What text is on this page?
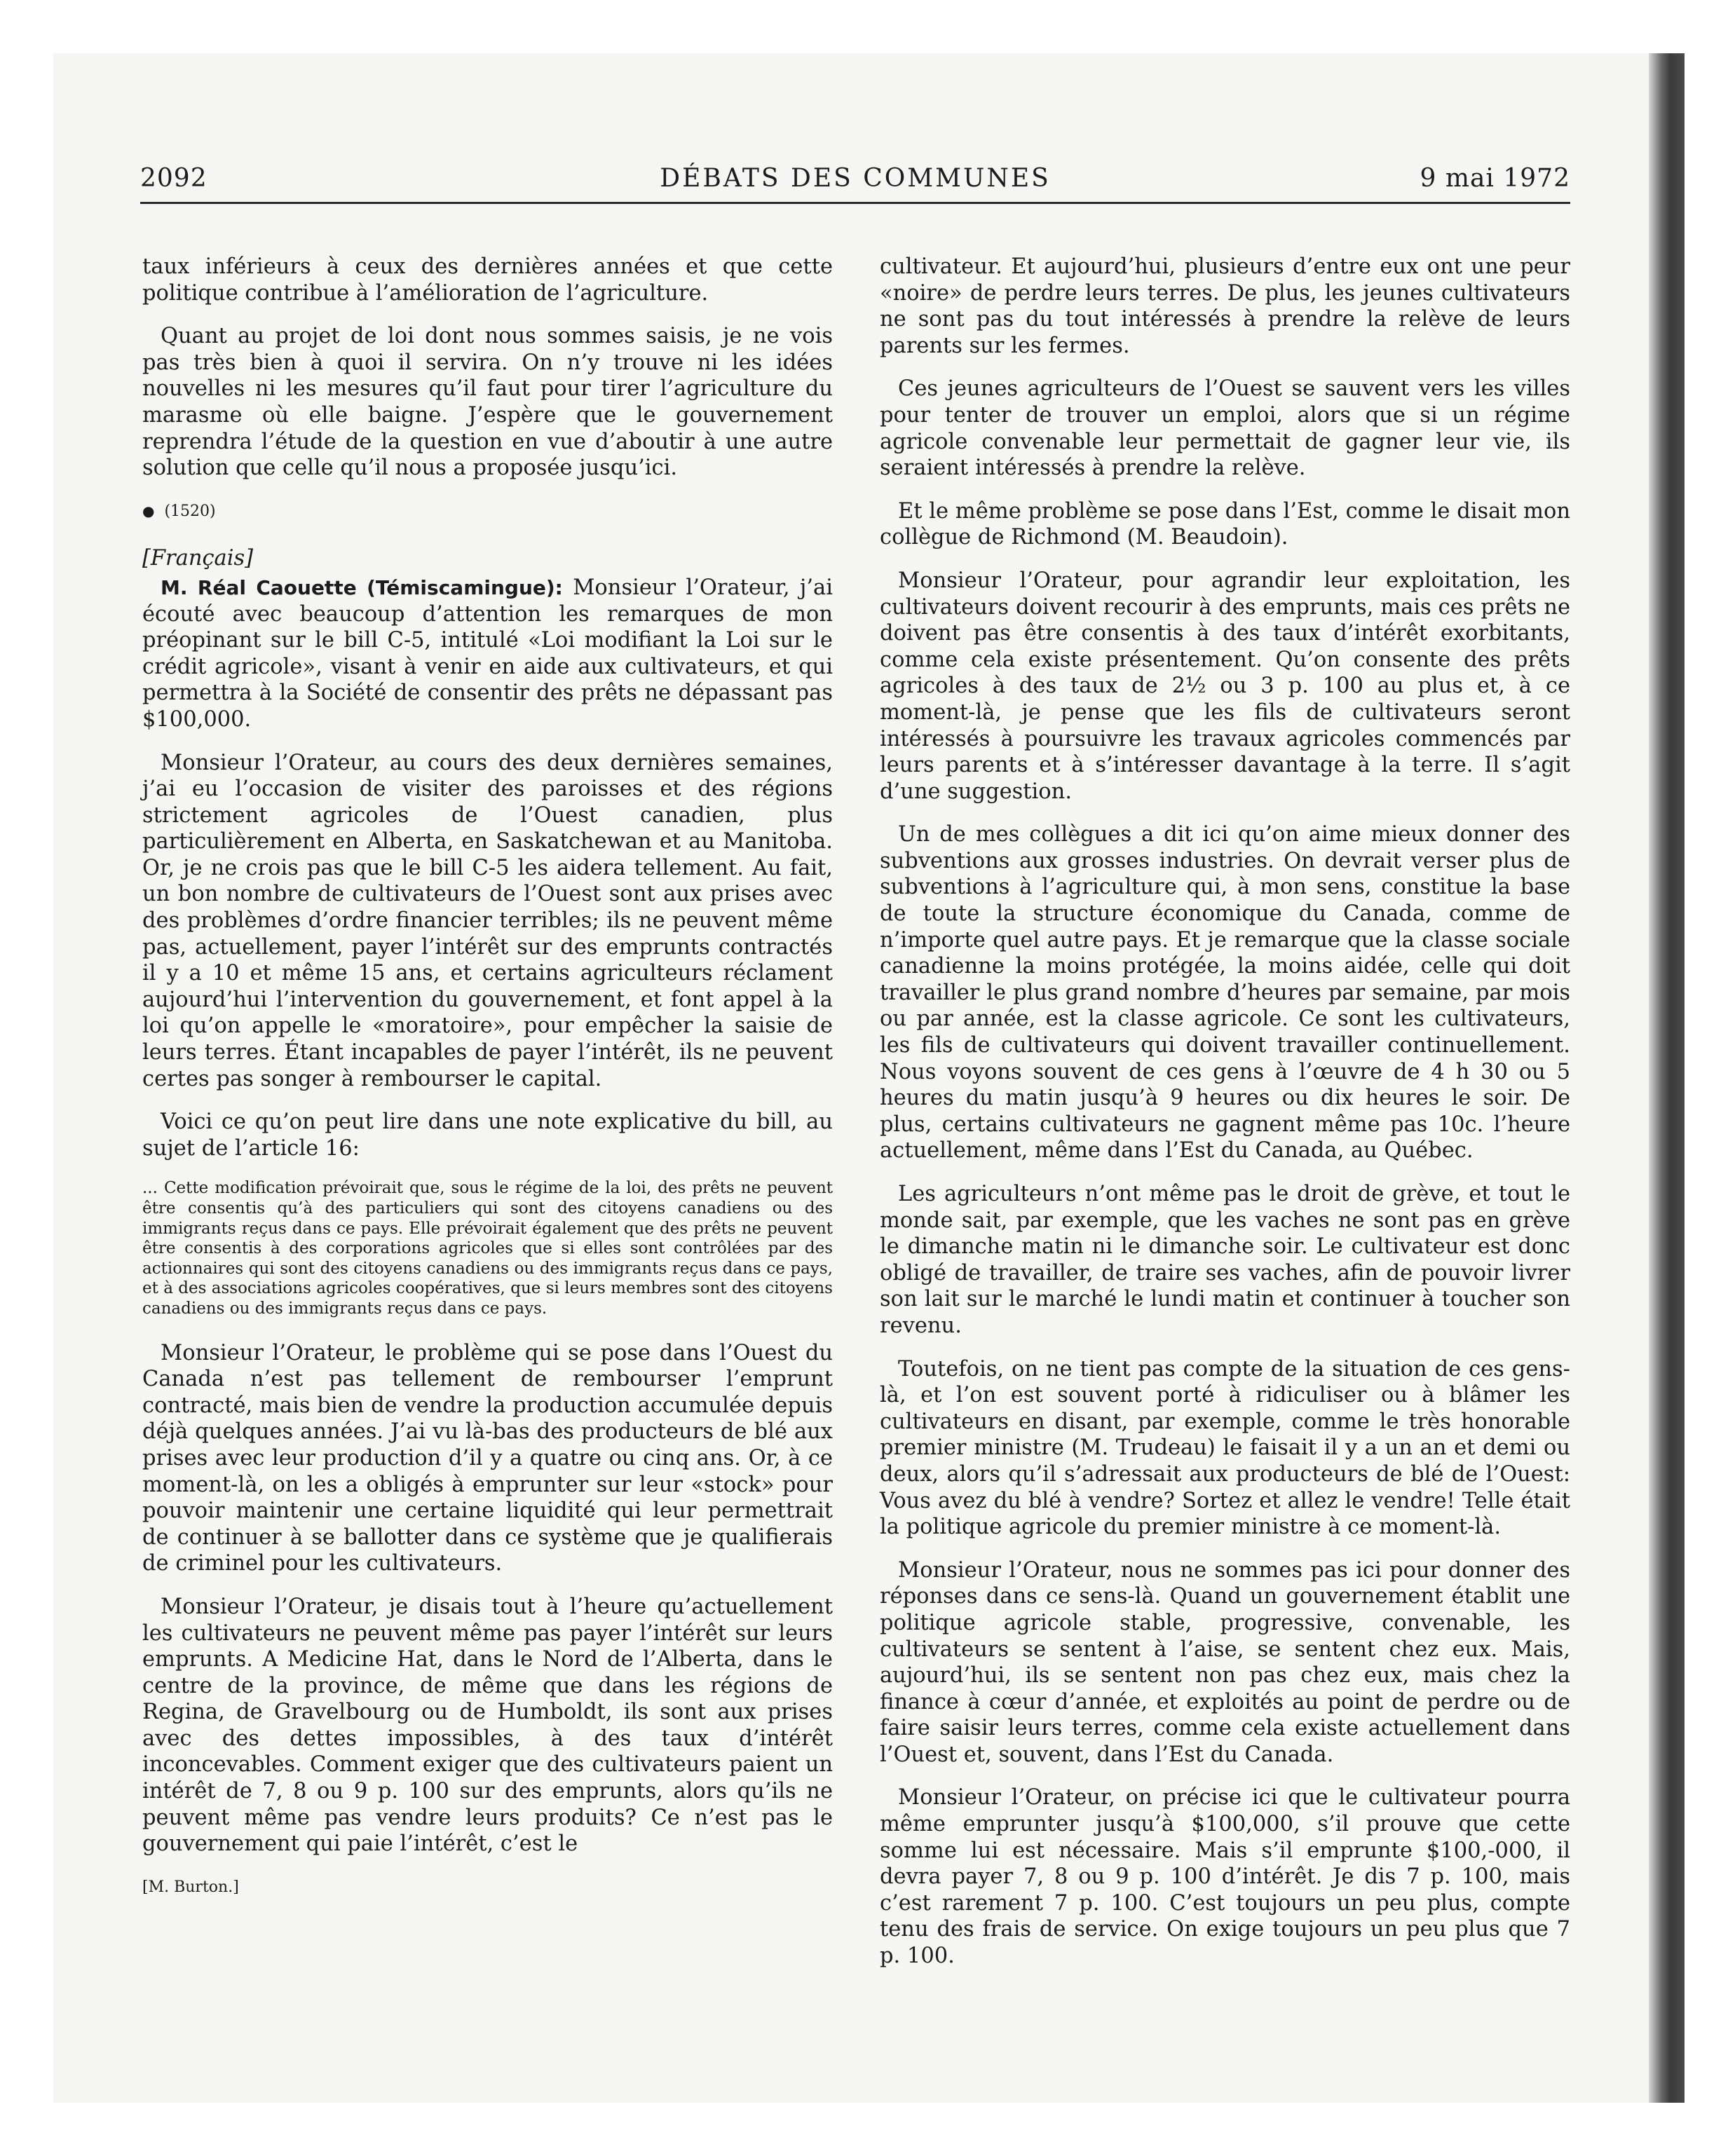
2092	DÉBATS DES COMMUNES	9 mai 1972

taux inférieurs à ceux des dernières années et que cette politique contribue à l’amélioration de l’agriculture.

Quant au projet de loi dont nous sommes saisis, je ne vois pas très bien à quoi il servira. On n’y trouve ni les idées nouvelles ni les mesures qu’il faut pour tirer l’agriculture du marasme où elle baigne. J’espère que le gouvernement reprendra l’étude de la question en vue d’aboutir à une autre solution que celle qu’il nous a proposée jusqu’ici.

● (1520)
[Français]

M. Réal Caouette (Témiscamingue): Monsieur l’Orateur, j’ai écouté avec beaucoup d’attention les remarques de mon préopinant sur le bill C-5, intitulé «Loi modifiant la Loi sur le crédit agricole», visant à venir en aide aux cultivateurs, et qui permettra à la Société de consentir des prêts ne dépassant pas $100,000.

Monsieur l’Orateur, au cours des deux dernières semaines, j’ai eu l’occasion de visiter des paroisses et des régions strictement agricoles de l’Ouest canadien, plus particulièrement en Alberta, en Saskatchewan et au Manitoba. Or, je ne crois pas que le bill C-5 les aidera tellement. Au fait, un bon nombre de cultivateurs de l’Ouest sont aux prises avec des problèmes d’ordre financier terribles; ils ne peuvent même pas, actuellement, payer l’intérêt sur des emprunts contractés il y a 10 et même 15 ans, et certains agriculteurs réclament aujourd’hui l’intervention du gouvernement, et font appel à la loi qu’on appelle le «moratoire», pour empêcher la saisie de leurs terres. Étant incapables de payer l’intérêt, ils ne peuvent certes pas songer à rembourser le capital.

Voici ce qu’on peut lire dans une note explicative du bill, au sujet de l’article 16:

... Cette modification prévoirait que, sous le régime de la loi, des prêts ne peuvent être consentis qu’à des particuliers qui sont des citoyens canadiens ou des immigrants reçus dans ce pays. Elle prévoirait également que des prêts ne peuvent être consentis à des corporations agricoles que si elles sont contrôlées par des actionnaires qui sont des citoyens canadiens ou des immigrants reçus dans ce pays, et à des associations agricoles coopératives, que si leurs membres sont des citoyens canadiens ou des immigrants reçus dans ce pays.

Monsieur l’Orateur, le problème qui se pose dans l’Ouest du Canada n’est pas tellement de rembourser l’emprunt contracté, mais bien de vendre la production accumulée depuis déjà quelques années. J’ai vu là-bas des producteurs de blé aux prises avec leur production d’il y a quatre ou cinq ans. Or, à ce moment-là, on les a obligés à emprunter sur leur «stock» pour pouvoir maintenir une certaine liquidité qui leur permettrait de continuer à se ballotter dans ce système que je qualifierais de criminel pour les cultivateurs.

Monsieur l’Orateur, je disais tout à l’heure qu’actuellement les cultivateurs ne peuvent même pas payer l’intérêt sur leurs emprunts. A Medicine Hat, dans le Nord de l’Alberta, dans le centre de la province, de même que dans les régions de Regina, de Gravelbourg ou de Humboldt, ils sont aux prises avec des dettes impossibles, à des taux d’intérêt inconcevables. Comment exiger que des cultivateurs paient un intérêt de 7, 8 ou 9 p. 100 sur des emprunts, alors qu’ils ne peuvent même pas vendre leurs produits? Ce n’est pas le gouvernement qui paie l’intérêt, c’est le

[M. Burton.]

cultivateur. Et aujourd’hui, plusieurs d’entre eux ont une peur «noire» de perdre leurs terres. De plus, les jeunes cultivateurs ne sont pas du tout intéressés à prendre la relève de leurs parents sur les fermes.

Ces jeunes agriculteurs de l’Ouest se sauvent vers les villes pour tenter de trouver un emploi, alors que si un régime agricole convenable leur permettait de gagner leur vie, ils seraient intéressés à prendre la relève.

Et le même problème se pose dans l’Est, comme le disait mon collègue de Richmond (M. Beaudoin).

Monsieur l’Orateur, pour agrandir leur exploitation, les cultivateurs doivent recourir à des emprunts, mais ces prêts ne doivent pas être consentis à des taux d’intérêt exorbitants, comme cela existe présentement. Qu’on consente des prêts agricoles à des taux de 2½ ou 3 p. 100 au plus et, à ce moment-là, je pense que les fils de cultivateurs seront intéressés à poursuivre les travaux agricoles commencés par leurs parents et à s’intéresser davantage à la terre. Il s’agit d’une suggestion.

Un de mes collègues a dit ici qu’on aime mieux donner des subventions aux grosses industries. On devrait verser plus de subventions à l’agriculture qui, à mon sens, constitue la base de toute la structure économique du Canada, comme de n’importe quel autre pays. Et je remarque que la classe sociale canadienne la moins protégée, la moins aidée, celle qui doit travailler le plus grand nombre d’heures par semaine, par mois ou par année, est la classe agricole. Ce sont les cultivateurs, les fils de cultivateurs qui doivent travailler continuellement. Nous voyons souvent de ces gens à l’œuvre de 4 h 30 ou 5 heures du matin jusqu’à 9 heures ou dix heures le soir. De plus, certains cultivateurs ne gagnent même pas 10c. l’heure actuellement, même dans l’Est du Canada, au Québec.

Les agriculteurs n’ont même pas le droit de grève, et tout le monde sait, par exemple, que les vaches ne sont pas en grève le dimanche matin ni le dimanche soir. Le cultivateur est donc obligé de travailler, de traire ses vaches, afin de pouvoir livrer son lait sur le marché le lundi matin et continuer à toucher son revenu.

Toutefois, on ne tient pas compte de la situation de ces gens-là, et l’on est souvent porté à ridiculiser ou à blâmer les cultivateurs en disant, par exemple, comme le très honorable premier ministre (M. Trudeau) le faisait il y a un an et demi ou deux, alors qu’il s’adressait aux producteurs de blé de l’Ouest: Vous avez du blé à vendre? Sortez et allez le vendre! Telle était la politique agricole du premier ministre à ce moment-là.

Monsieur l’Orateur, nous ne sommes pas ici pour donner des réponses dans ce sens-là. Quand un gouvernement établit une politique agricole stable, progressive, convenable, les cultivateurs se sentent à l’aise, se sentent chez eux. Mais, aujourd’hui, ils se sentent non pas chez eux, mais chez la finance à cœur d’année, et exploités au point de perdre ou de faire saisir leurs terres, comme cela existe actuellement dans l’Ouest et, souvent, dans l’Est du Canada.

Monsieur l’Orateur, on précise ici que le cultivateur pourra même emprunter jusqu’à $100,000, s’il prouve que cette somme lui est nécessaire. Mais s’il emprunte $100,-000, il devra payer 7, 8 ou 9 p. 100 d’intérêt. Je dis 7 p. 100, mais c’est rarement 7 p. 100. C’est toujours un peu plus, compte tenu des frais de service. On exige toujours un peu plus que 7 p. 100.
